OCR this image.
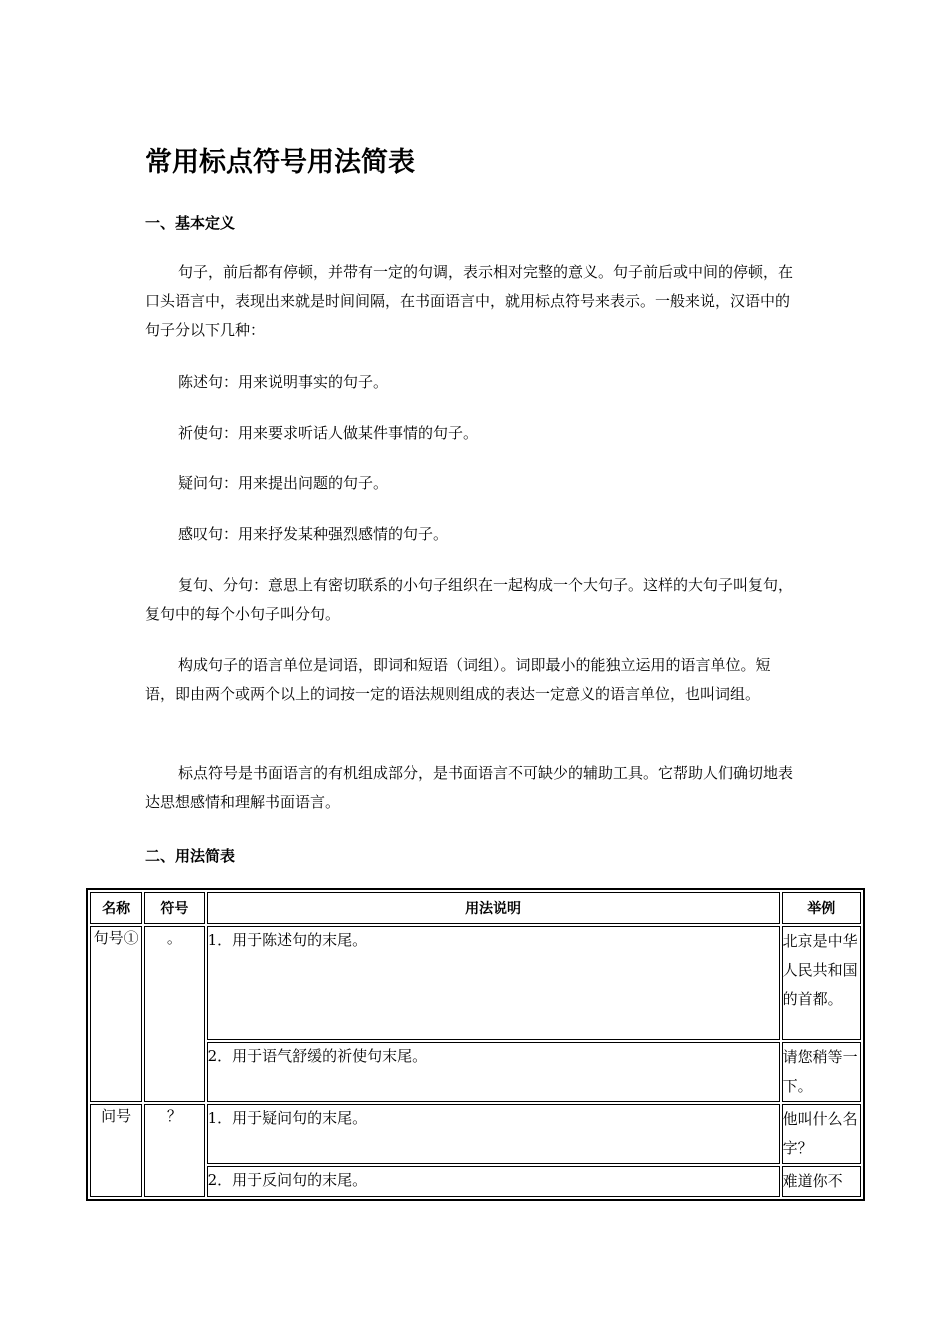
常用标点符号用法简表
一、基本定义

句子，前后都有停顿，并带有一定的句调，表示相对完整的意义。句子前后或中间的停顿，在口头语言中，表现出来就是时间间隔，在书面语言中，就用标点符号来表示。一般来说，汉语中的句子分以下几种：

陈述句：用来说明事实的句子。

祈使句：用来要求听话人做某件事情的句子。

疑问句：用来提出问题的句子。

感叹句：用来抒发某种强烈感情的句子。

复句、分句：意思上有密切联系的小句子组织在一起构成一个大句子。这样的大句子叫复句，复句中的每个小句子叫分句。

构成句子的语言单位是词语，即词和短语（词组）。词即最小的能独立运用的语言单位。短语，即由两个或两个以上的词按一定的语法规则组成的表达一定意义的语言单位，也叫词组。

标点符号是书面语言的有机组成部分，是书面语言不可缺少的辅助工具。它帮助人们确切地表达思想感情和理解书面语言。

二、用法简表
名称	符号	用法说明	举例
句号①	。	1．用于陈述句的末尾。	北京是中华人民共和国的首都。
		2．用于语气舒缓的祈使句末尾。	请您稍等一下。
问号	？	1．用于疑问句的末尾。	他叫什么名字？
		2．用于反问句的末尾。	难道你不
